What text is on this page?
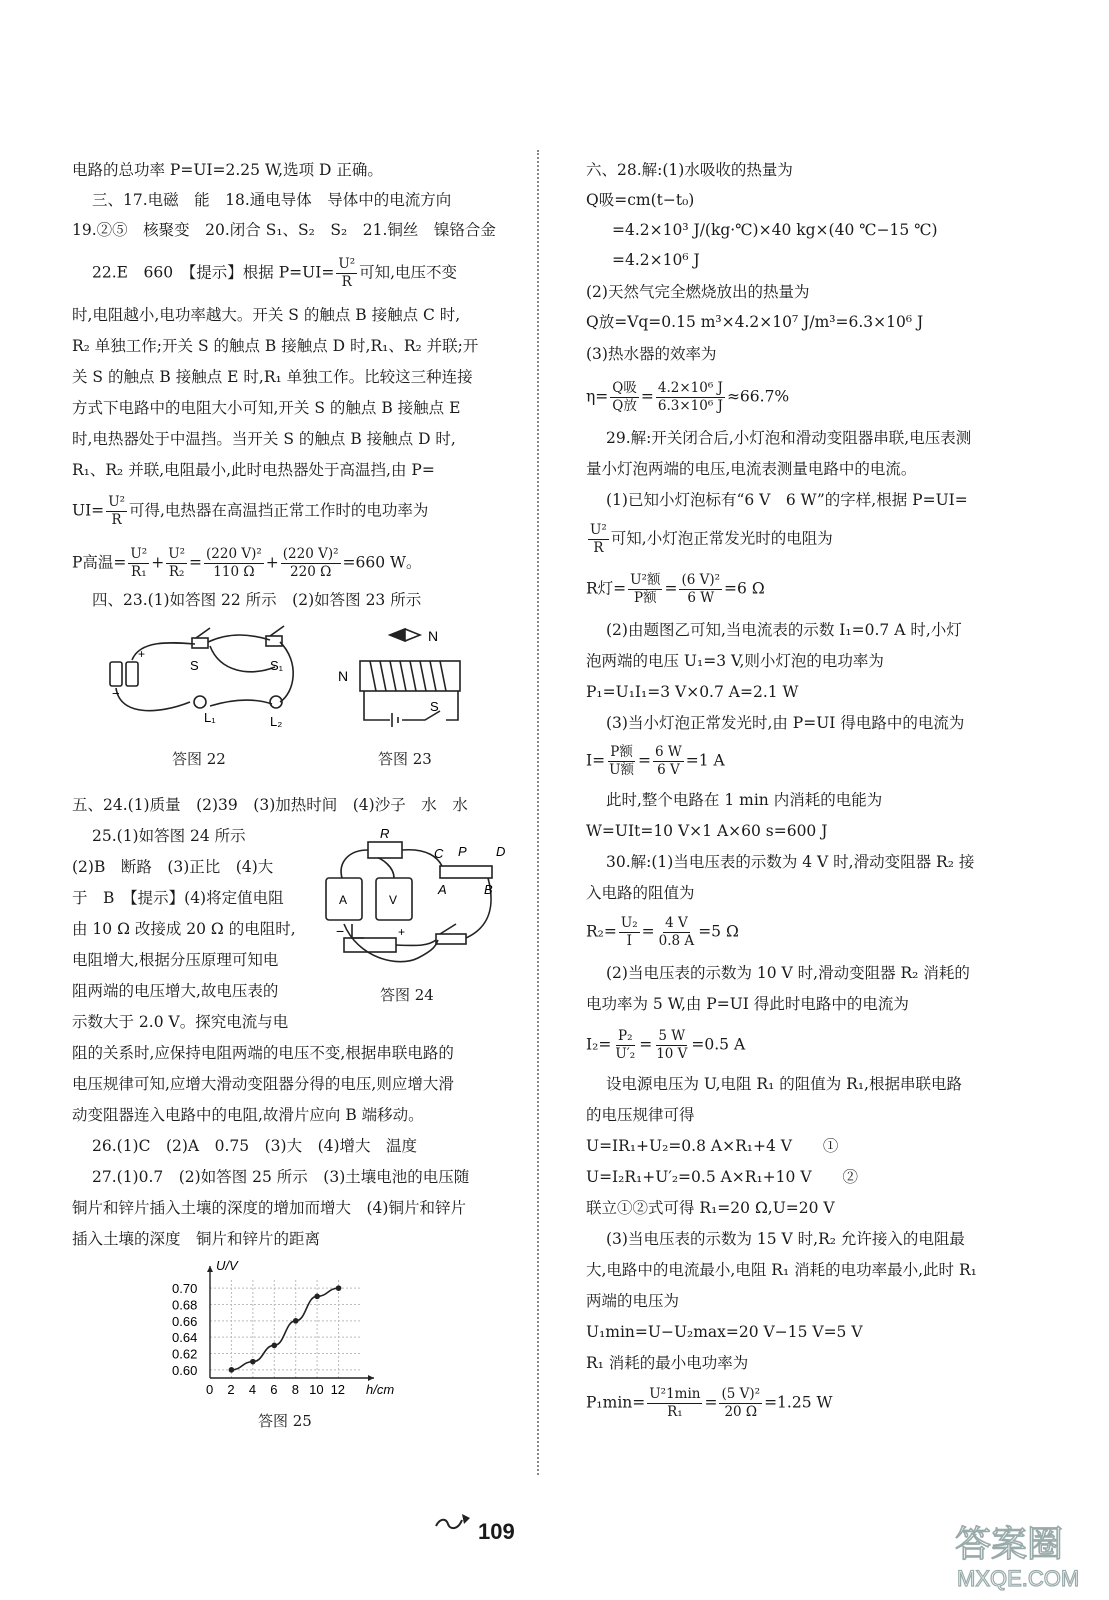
电路的总功率 P=UI=2.25 W,选项 D 正确。
三、17.电磁　能　18.通电导体　导体中的电流方向
19.②⑤　核聚变　20.闭合 S₁、S₂　S₂　21.铜丝　镍铬合金
22.E　660　【提示】根据 $P=UI= \frac{\text{U²}}{R}$ 可知,电压不变
时,电阻越小,电功率越大。开关 S 的触点 B 接触点 C 时,
R₂ 单独工作;开关 S 的触点 B 接触点 D 时,R₁、R₂ 并联;开
关 S 的触点 B 接触点 E 时,R₁ 单独工作。比较这三种连接
方式下电路中的电阻大小可知,开关 S 的触点 B 接触点 E
时,电热器处于中温挡。当开关 S 的触点 B 接触点 D 时,
R₁、R₂ 并联,电阻最小,此时电热器处于高温挡,由 P=
$UI= \frac{\text{U²}}{R}$ 可得,电热器在高温挡正常工作时的电功率为
P高温= $\frac{\text{U²}}{\text{R₁}} + \frac{\text{U²}}{\text{R₂}} = \frac{\text{(220 V)²}}{110 \Omega} + \frac{\text{(220 V)²}}{220 \Omega} =660$ W。
四、23.(1)如答图 22 所示　(2)如答图 23 所示
S	S₁
L₁	L₂
+
−
答图 22
N
N
S
答图 23
五、24.(1)质量　(2)39　(3)加热时间　(4)沙子　水　水
25.(1)如答图 24 所示
(2)B　断路　(3)正比　(4)大
于　B　【提示】(4)将定值电阻
由 10 Ω 改接成 20 Ω 的电阻时,
电阻增大,根据分压原理可知电
阻两端的电压增大,故电压表的
示数大于 2.0 V。探究电流与电
R
C P D
A	B
A	V
+
−
答图 24
阻的关系时,应保持电阻两端的电压不变,根据串联电路的
电压规律可知,应增大滑动变阻器分得的电压,则应增大滑
动变阻器连入电路中的电阻,故滑片应向 B 端移动。
26.(1)C　(2)A　0.75　(3)大　(4)增大　温度
27.(1)0.7　(2)如答图 25 所示　(3)土壤电池的电压随
铜片和锌片插入土壤的深度的增加而增大　(4)铜片和锌片
插入土壤的深度　铜片和锌片的距离
0 2 4 6 8 10 12
0.60
0.62
0.64
0.66
0.68
0.70
U/V
h/cm
答图 25
六、28.解:(1)水吸收的热量为
Q吸=cm(t−t₀)
=4.2×10³ J/(kg·℃)×40 kg×(40 ℃−15 ℃)
=4.2×10⁶ J
(2)天然气完全燃烧放出的热量为
Q放=Vq=0.15 m³×4.2×10⁷ J/m³=6.3×10⁶ J
(3)热水器的效率为
$\eta= \frac{\text{Q吸}}{\text{Q放}} = \frac{\text{4.2×10⁶ J}}{\text{6.3×10⁶ J}} \approx 66.7\%$
29.解:开关闭合后,小灯泡和滑动变阻器串联,电压表测
量小灯泡两端的电压,电流表测量电路中的电流。
(1)已知小灯泡标有“6 V　6 W”的字样,根据 P=UI=
$\frac{\text{U²}}{R}$ 可知,小灯泡正常发光时的电阻为
R灯= $\frac{\text{U²额}}{\text{P额}} = \frac{\text{(6 V)²}}{6 W} =6$ Ω
(2)由题图乙可知,当电流表的示数 I₁=0.7 A 时,小灯
泡两端的电压 U₁=3 V,则小灯泡的电功率为
P₁=U₁I₁=3 V×0.7 A=2.1 W
(3)当小灯泡正常发光时,由 P=UI 得电路中的电流为
$I= \frac{\text{P额}}{\text{U额}} = \frac{6 W}{6 V} =1$ A
此时,整个电路在 1 min 内消耗的电能为
W=UIt=10 V×1 A×60 s=600 J
30.解:(1)当电压表的示数为 4 V 时,滑动变阻器 R₂ 接
入电路的阻值为
$R_2= \frac{\text{U₂}}{I} = \frac{4 V}{0.8 A} =5$ Ω
(2)当电压表的示数为 10 V 时,滑动变阻器 R₂ 消耗的
电功率为 5 W,由 P=UI 得此时电路中的电流为
$I_2= \frac{\text{P₂}}{\text{U′₂}} = \frac{5 W}{10 V} =0.5$ A
设电源电压为 U,电阻 R₁ 的阻值为 R₁,根据串联电路
的电压规律可得
U=IR₁+U₂=0.8 A×R₁+4 V　　①
U=I₂R₁+U′₂=0.5 A×R₁+10 V　　②
联立①②式可得 R₁=20 Ω,U=20 V
(3)当电压表的示数为 15 V 时,R₂ 允许接入的电阻最
大,电路中的电流最小,电阻 R₁ 消耗的电功率最小,此时 R₁
两端的电压为
U₁min=U−U₂max=20 V−15 V=5 V
R₁ 消耗的最小电功率为
$P_1\min= \frac{\text{U²1min}}{\text{R₁}} = \frac{\text{(5 V)²}}{20 \Omega} =1.25$ W
109	答案圈
MXQE.COM
